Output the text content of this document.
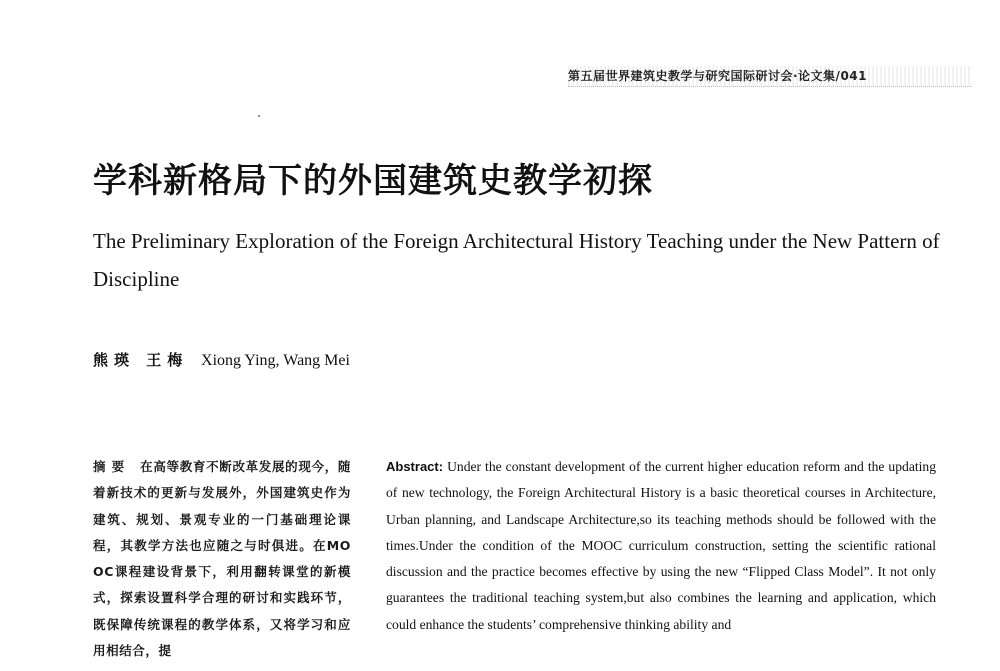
第五届世界建筑史教学与研究国际研讨会·论文集/041
学科新格局下的外国建筑史教学初探
The Preliminary Exploration of the Foreign Architectural History Teaching under the New Pattern of Discipline
熊瑛 王梅 Xiong Ying, Wang Mei
摘要 在高等教育不断改革发展的现今，随着新技术的更新与发展外，外国建筑史作为建筑、规划、景观专业的一门基础理论课程，其教学方法也应随之与时俱进。在MOOC课程建设背景下，利用翻转课堂的新模式，探索设置科学合理的研讨和实践环节，既保障传统课程的教学体系，又将学习和应用相结合，提
Abstract: Under the constant development of the current higher education reform and the updating of new technology, the Foreign Architectural History is a basic theoretical courses in Architecture, Urban planning, and Landscape Architecture,so its teaching methods should be followed with the times.Under the condition of the MOOC curriculum construction, setting the scientific rational discussion and the practice becomes effective by using the new “Flipped Class Model”. It not only guarantees the traditional teaching system,but also combines the learning and application, which could enhance the students’ comprehensive thinking ability and
